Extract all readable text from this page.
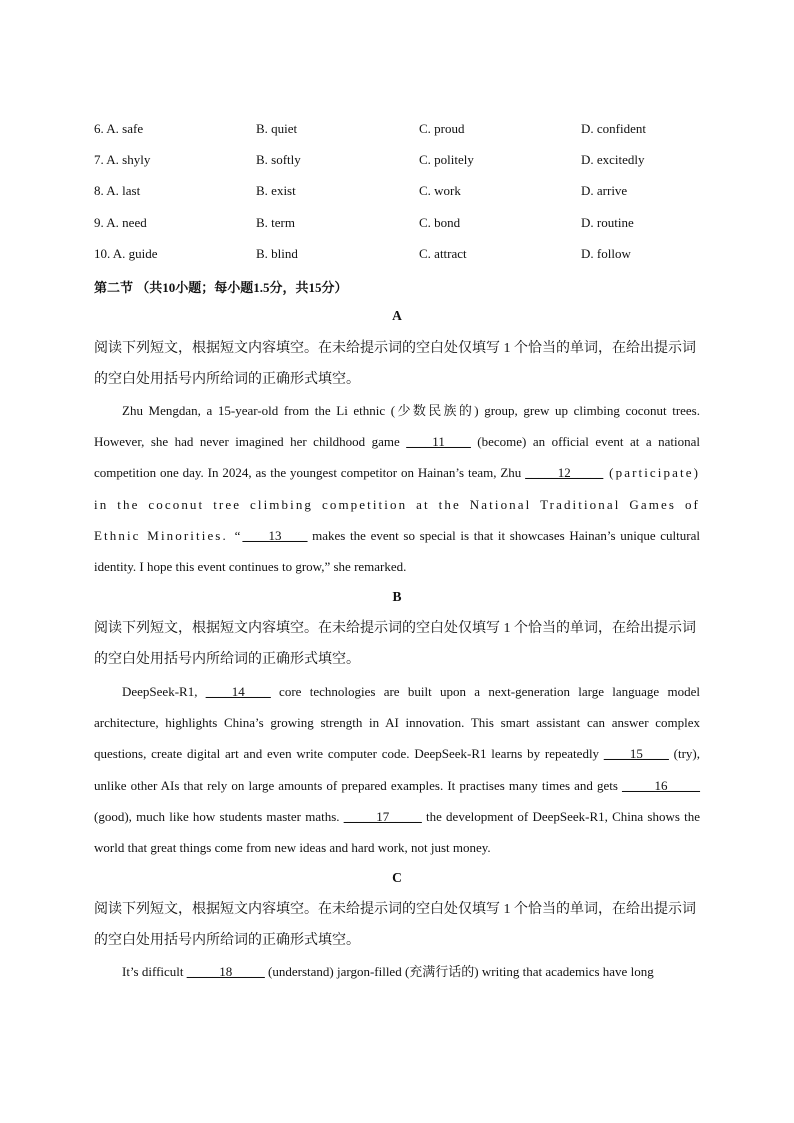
6. A. safe	B. quiet	C. proud	D. confident
7. A. shyly	B. softly	C. politely	D. excitedly
8. A. last	B. exist	C. work	D. arrive
9. A. need	B. term	C. bond	D. routine
10. A. guide	B. blind	C. attract	D. follow
第二节 （共10小题；每小题1.5分，共15分）
A
阅读下列短文，根据短文内容填空。在未给提示词的空白处仅填写 1 个恰当的单词，在给出提示词的空白处用括号内所给词的正确形式填空。
Zhu Mengdan, a 15-year-old from the Li ethnic (少数民族的) group, grew up climbing coconut trees. However, she had never imagined her childhood game ____11____ (become) an official event at a national competition one day. In 2024, as the youngest competitor on Hainan’s team, Zhu _____12_____ (participate) in the coconut tree climbing competition at the National Traditional Games of Ethnic Minorities. “____13____ makes the event so special is that it showcases Hainan’s unique cultural identity. I hope this event continues to grow,” she remarked.
B
阅读下列短文，根据短文内容填空。在未给提示词的空白处仅填写 1 个恰当的单词，在给出提示词的空白处用括号内所给词的正确形式填空。
DeepSeek-R1, ____14____ core technologies are built upon a next-generation large language model architecture, highlights China’s growing strength in AI innovation. This smart assistant can answer complex questions, create digital art and even write computer code. DeepSeek-R1 learns by repeatedly ____15____ (try), unlike other AIs that rely on large amounts of prepared examples. It practises many times and gets _____16_____ (good), much like how students master maths. _____17_____ the development of DeepSeek-R1, China shows the world that great things come from new ideas and hard work, not just money.
C
阅读下列短文，根据短文内容填空。在未给提示词的空白处仅填写 1 个恰当的单词，在给出提示词的空白处用括号内所给词的正确形式填空。
It’s difficult _____18_____ (understand) jargon-filled (充满行话的) writing that academics have long
